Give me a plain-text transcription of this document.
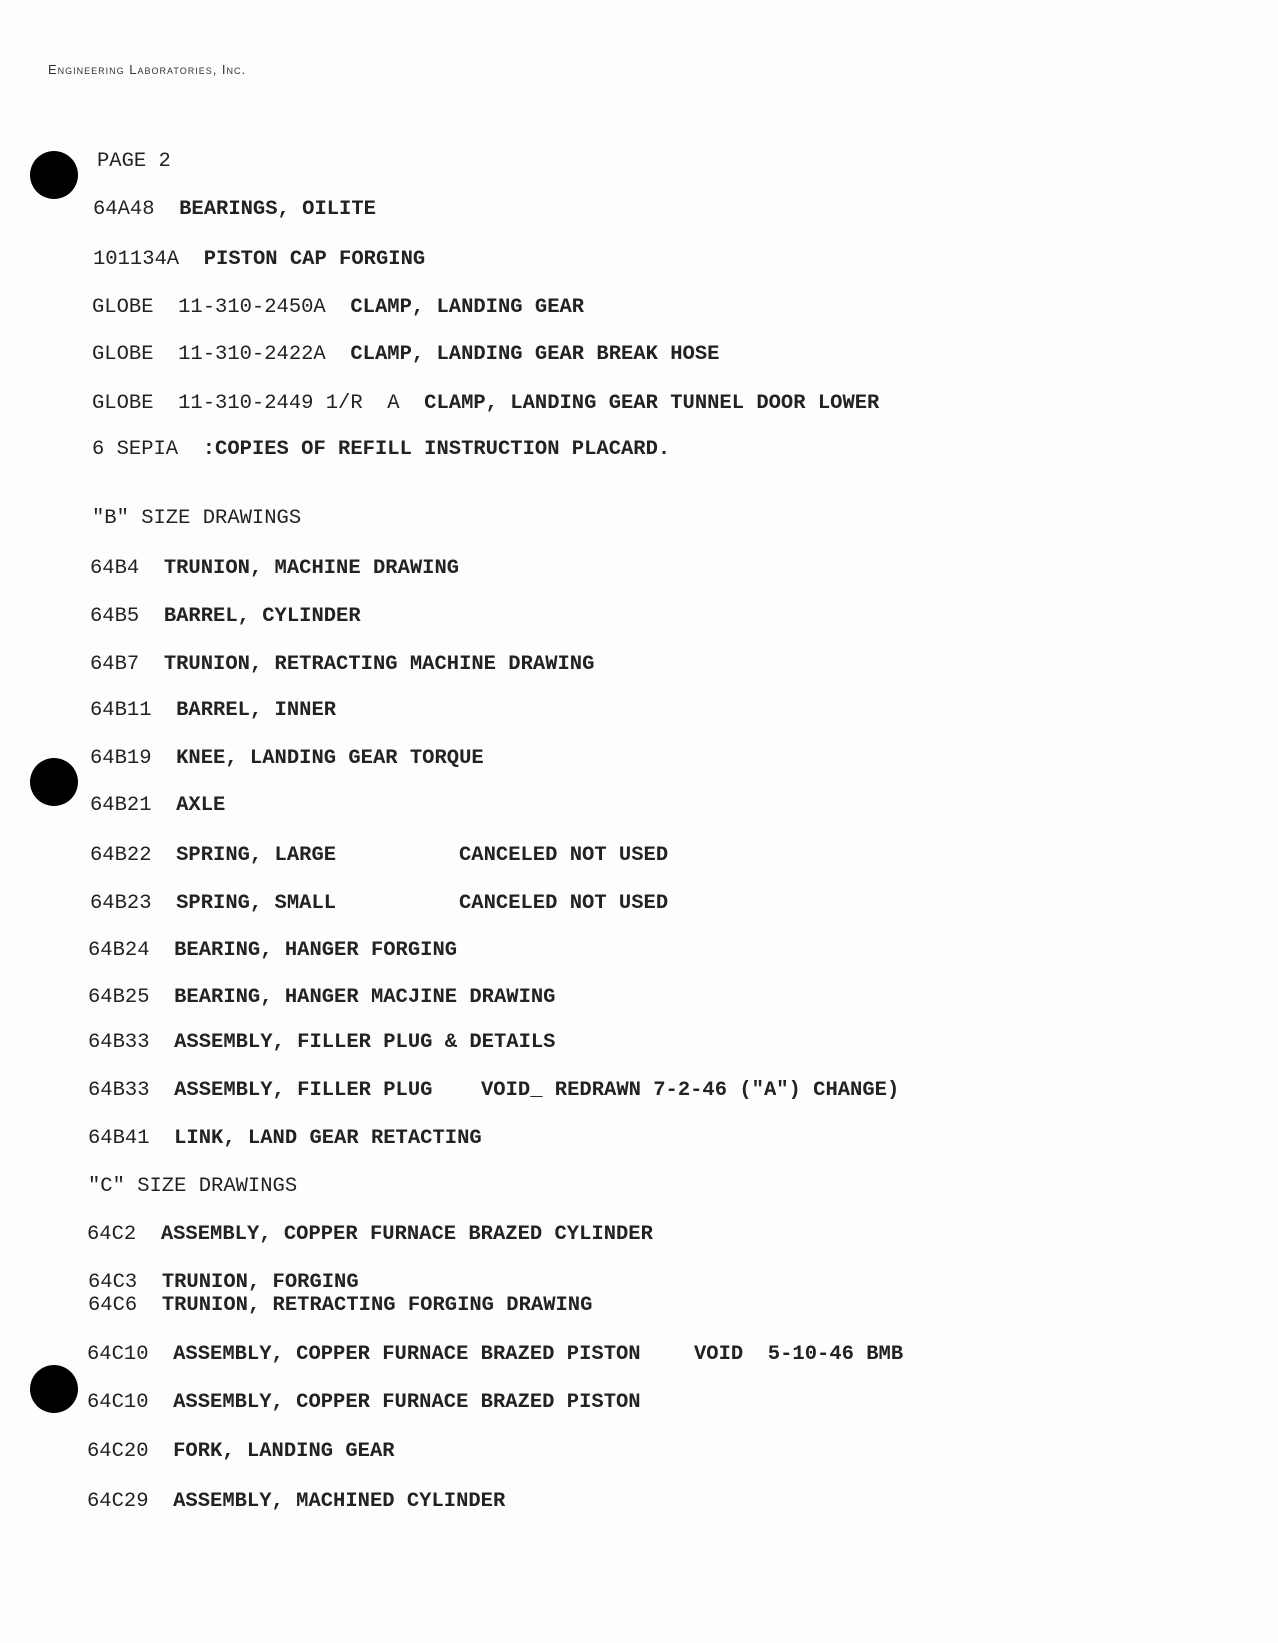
Engineering Laboratories, Inc.
PAGE 2
64A48 BEARINGS, OILITE
101134A PISTON CAP FORGING
GLOBE  11-310-2450A CLAMP, LANDING GEAR
GLOBE  11-310-2422A CLAMP, LANDING GEAR BREAK HOSE
GLOBE  11-310-2449 1/R  A CLAMP, LANDING GEAR TUNNEL DOOR LOWER
6 SEPIA :COPIES OF REFILL INSTRUCTION PLACARD.
"B" SIZE DRAWINGS
64B4 TRUNION, MACHINE DRAWING
64B5 BARREL, CYLINDER
64B7 TRUNION, RETRACTING MACHINE DRAWING
64B11 BARREL, INNER
64B19 KNEE, LANDING GEAR TORQUE
64B21 AXLE
64B22 SPRING, LARGE	CANCELED NOT USED
64B23 SPRING, SMALL	CANCELED NOT USED
64B24 BEARING, HANGER FORGING
64B25 BEARING, HANGER MACJINE DRAWING
64B33 ASSEMBLY, FILLER PLUG & DETAILS
64B33 ASSEMBLY, FILLER PLUG VOID_ REDRAWN 7-2-46 ("A") CHANGE)
64B41 LINK, LAND GEAR RETACTING
"C" SIZE DRAWINGS
64C2 ASSEMBLY, COPPER FURNACE BRAZED CYLINDER
64C3 TRUNION, FORGING
64C6 TRUNION, RETRACTING FORGING DRAWING
64C10 ASSEMBLY, COPPER FURNACE BRAZED PISTON	VOID  5-10-46 BMB
64C10 ASSEMBLY, COPPER FURNACE BRAZED PISTON
64C20 FORK, LANDING GEAR
64C29 ASSEMBLY, MACHINED CYLINDER
